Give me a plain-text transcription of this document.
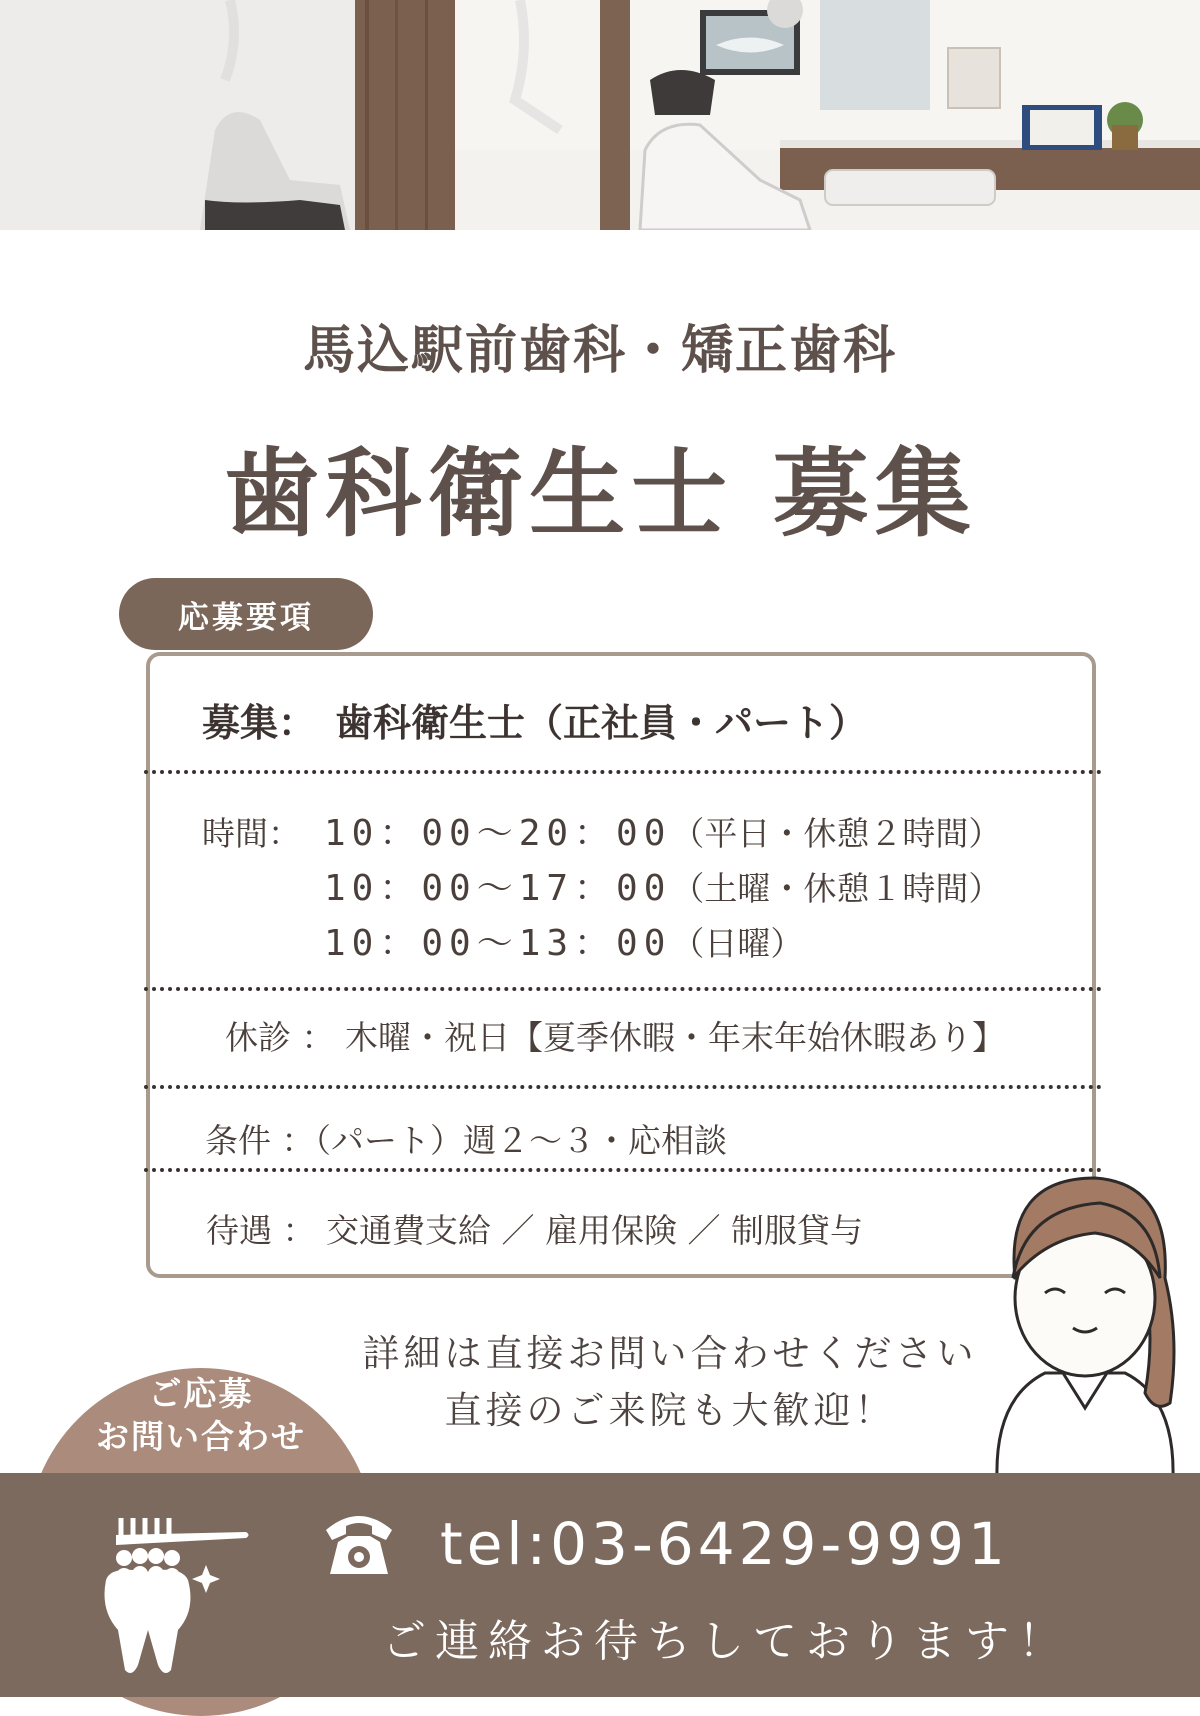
馬込駅前歯科・矯正歯科
歯科衛生士 募集
応募要項
募集：　歯科衛生士（正社員・パート）
時間： 10：00～20：00（平日・休憩２時間）
10：00～17：00（土曜・休憩１時間）
10：00～13：00（日曜）
休診 ： 木曜・祝日【夏季休暇・年末年始休暇あり】
条件 ：（パート）週２～３・応相談
待遇 ： 交通費支給 ／ 雇用保険 ／ 制服貸与
詳細は直接お問い合わせください
直接のご来院も大歓迎！
ご応募
お問い合わせ
tel:03-6429-9991
ご連絡お待ちしております！
